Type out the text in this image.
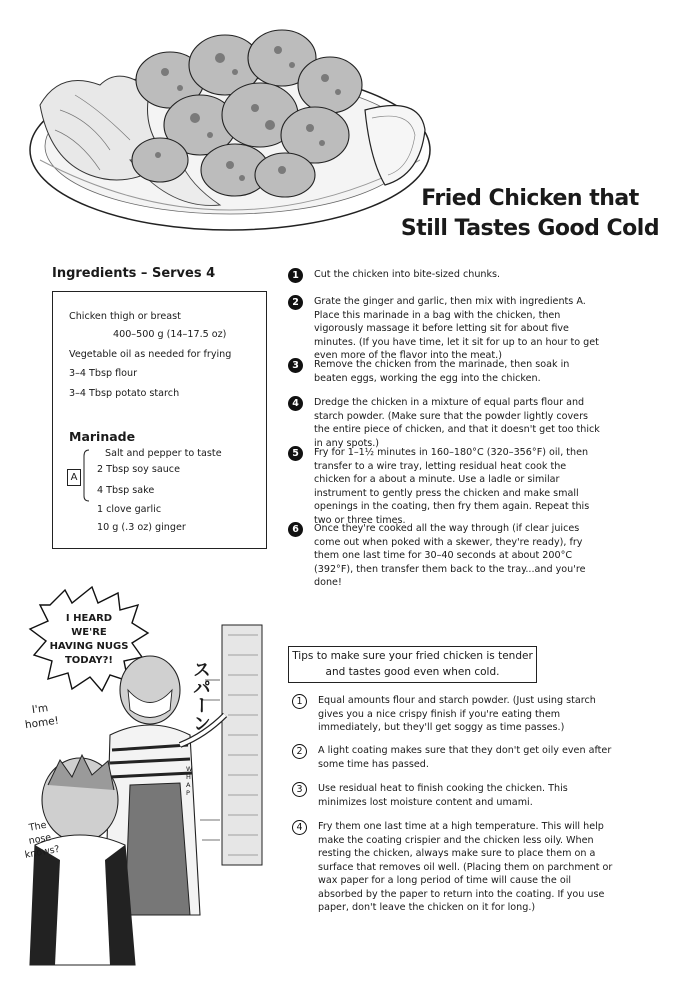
Fried Chicken that
Still Tastes Good Cold
Ingredients – Serves 4
Chicken thigh or breast
400–500 g (14–17.5 oz)
Vegetable oil as needed for frying
3–4 Tbsp flour
3–4 Tbsp potato starch
Marinade
A
Salt and pepper to taste
2 Tbsp soy sauce
4 Tbsp sake
1 clove garlic
10 g (.3 oz) ginger
1	Cut the chicken into bite-sized chunks.
2	Grate the ginger and garlic, then mix with ingredients A. Place this marinade in a bag with the chicken, then vigorously massage it before letting sit for about five minutes. (If you have time, let it sit for up to an hour to get even more of the flavor into the meat.)
3	Remove the chicken from the marinade, then soak in beaten eggs, working the egg into the chicken.
4	Dredge the chicken in a mixture of equal parts flour and starch powder. (Make sure that the powder lightly covers the entire piece of chicken, and that it doesn't get too thick in any spots.)
5	Fry for 1–1½ minutes in 160–180°C (320–356°F) oil, then transfer to a wire tray, letting residual heat cook the chicken for a about a minute. Use a ladle or similar instrument to gently press the chicken and make small openings in the coating, then fry them again. Repeat this two or three times.
6	Once they're cooked all the way through (if clear juices come out when poked with a skewer, they're ready), fry them one last time for 30–40 seconds at about 200°C (392°F), then transfer them back to the tray...and you're done!
Tips to make sure your fried chicken is tender
and tastes good even when cold.
1	Equal amounts flour and starch powder. (Just using starch gives you a nice crispy finish if you're eating them immediately, but they'll get soggy as time passes.)
2	A light coating makes sure that they don't get oily even after some time has passed.
3	Use residual heat to finish cooking the chicken. This minimizes lost moisture content and umami.
4	Fry them one last time at a high temperature. This will help make the coating crispier and the chicken less oily. When resting the chicken, always make sure to place them on a surface that removes oil well. (Placing them on parchment or wax paper for a long period of time will cause the oil absorbed by the paper to return into the coating. If you use paper, don't leave the chicken on it for long.)
I HEARD WE'RE HAVING NUGS TODAY?!
I'm home!
The nose knows?
WHAP
スパーン
